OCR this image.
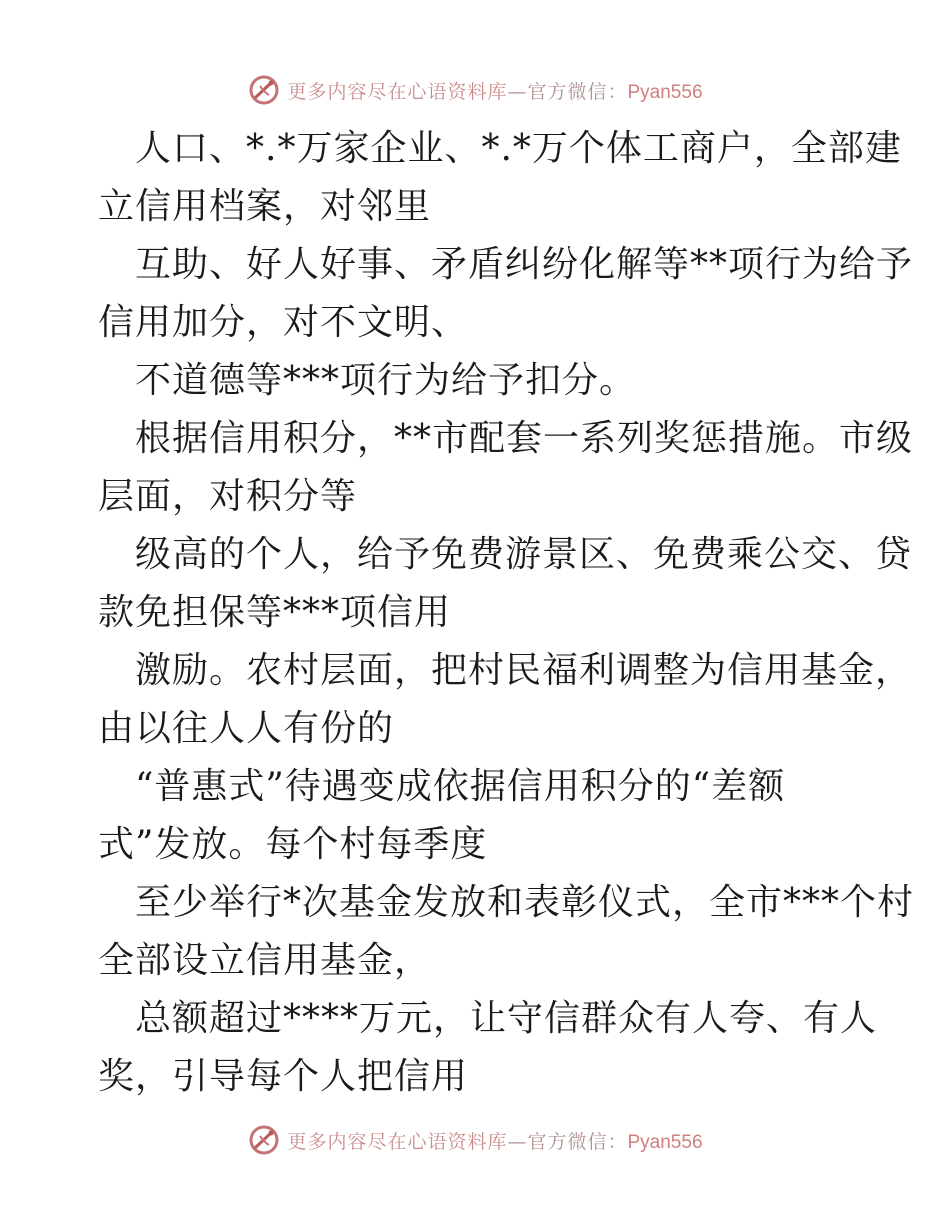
更多内容尽在心语资料库—官方微信：Pyan556
人口、*.*万家企业、*.*万个体工商户，全部建
立信用档案，对邻里
互助、好人好事、矛盾纠纷化解等**项行为给予
信用加分，对不文明、
不道德等***项行为给予扣分。
根据信用积分，**市配套一系列奖惩措施。市级
层面，对积分等
级高的个人，给予免费游景区、免费乘公交、贷
款免担保等***项信用
激励。农村层面，把村民福利调整为信用基金，
由以往人人有份的
“普惠式”待遇变成依据信用积分的“差额
式”发放。每个村每季度
至少举行*次基金发放和表彰仪式，全市***个村
全部设立信用基金，
总额超过****万元，让守信群众有人夸、有人
奖，引导每个人把信用
更多内容尽在心语资料库—官方微信：Pyan556
